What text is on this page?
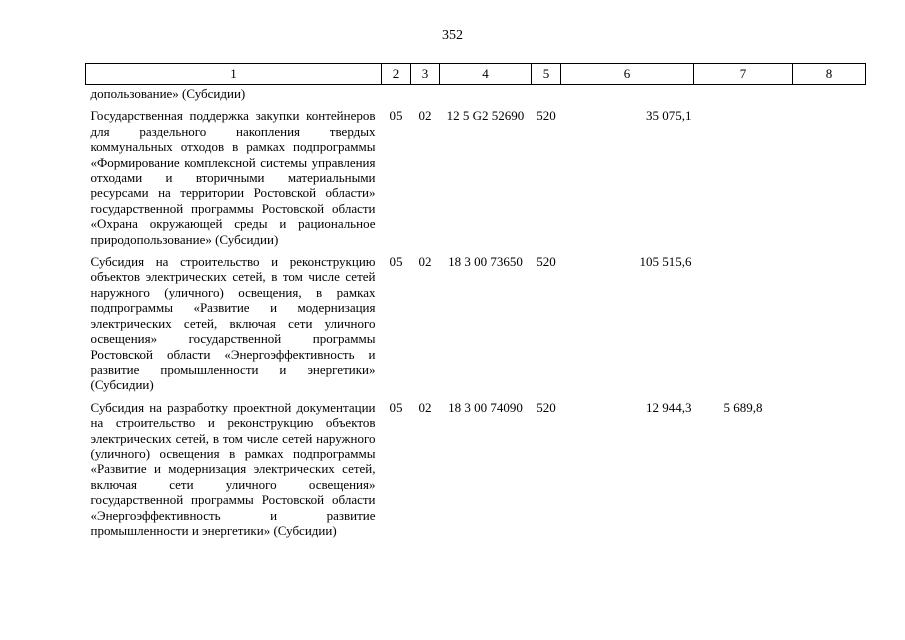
352
1	2	3	4	5	6	7	8
допользование» (Субсидии)							
Государственная поддержка закупки контейнеров для раздельного накопления твердых коммунальных отходов в рамках подпрограммы «Формирование комплексной системы управления отходами и вторичными материальными ресурсами на территории Ростовской области» государственной программы Ростовской области «Охрана окружающей среды и рациональное природопользование» (Субсидии)	05	02	12 5 G2 52690	520	35 075,1		
Субсидия на строительство и реконструкцию объектов электрических сетей, в том числе сетей наружного (уличного) освещения, в рамках подпрограммы «Развитие и модернизация электрических сетей, включая сети уличного освещения» государственной программы Ростовской области «Энергоэффективность и развитие промышленности и энергетики» (Субсидии)	05	02	18 3 00 73650	520	105 515,6		
Субсидия на разработку проектной документации на строительство и реконструкцию объектов электрических сетей, в том числе сетей наружного (уличного) освещения в рамках подпрограммы «Развитие и модернизация электрических сетей, включая сети уличного освещения» государственной программы Ростовской области «Энергоэффективность и развитие промышленности и энергетики» (Субсидии)	05	02	18 3 00 74090	520	12 944,3	5 689,8	
